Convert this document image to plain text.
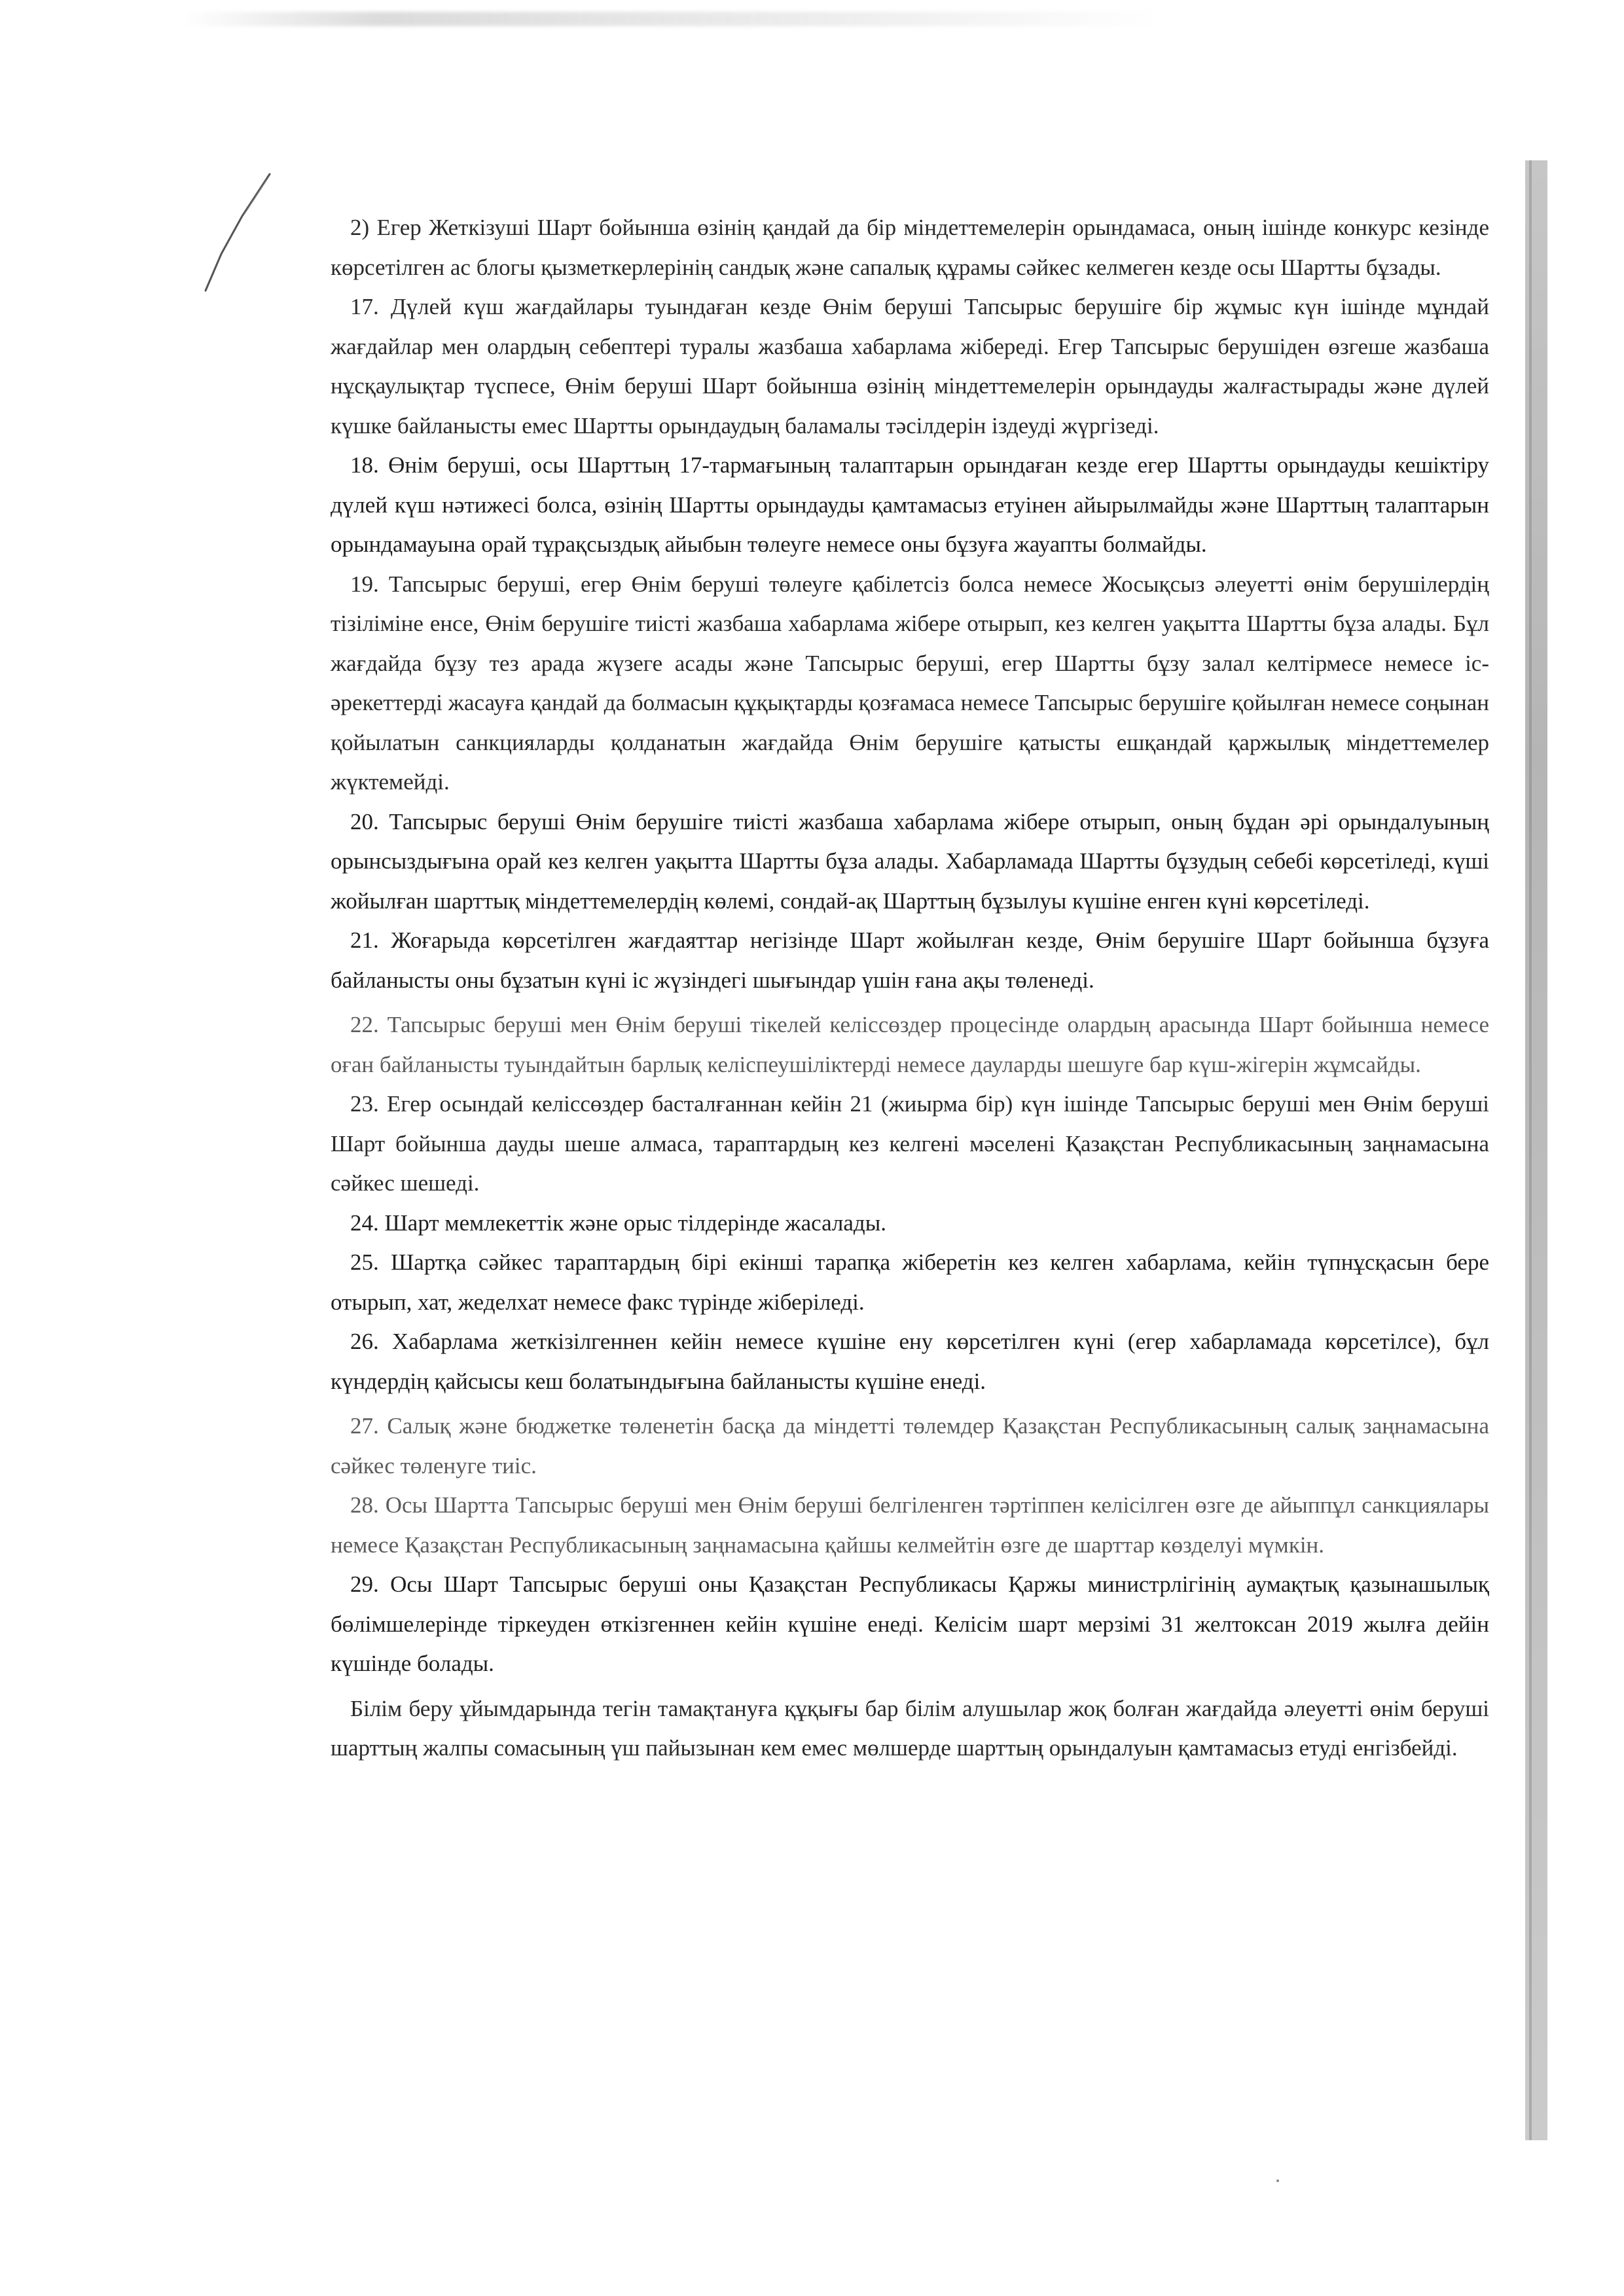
2) Егер Жеткізуші Шарт бойынша өзінің қандай да бір міндеттемелерін орындамаса, оның ішінде конкурс кезінде көрсетілген ас блогы қызметкерлерінің сандық және сапалық құрамы сәйкес келмеген кезде осы Шартты бұзады.

17. Дүлей күш жағдайлары туындаған кезде Өнім беруші Тапсырыс берушіге бір жұмыс күн ішінде мұндай жағдайлар мен олардың себептері туралы жазбаша хабарлама жібереді. Егер Тапсырыс берушіден өзгеше жазбаша нұсқаулықтар түспесе, Өнім беруші Шарт бойынша өзінің міндеттемелерін орындауды жалғастырады және дүлей күшке байланысты емес Шартты орындаудың баламалы тәсілдерін іздеуді жүргізеді.

18. Өнім беруші, осы Шарттың 17-тармағының талаптарын орындаған кезде егер Шартты орындауды кешіктіру дүлей күш нәтижесі болса, өзінің Шартты орындауды қамтамасыз етуінен айырылмайды және Шарттың талаптарын орындамауына орай тұрақсыздық айыбын төлеуге немесе оны бұзуға жауапты болмайды.

19. Тапсырыс беруші, егер Өнім беруші төлеуге қабілетсіз болса немесе Жосықсыз әлеуетті өнім берушілердің тізіліміне енсе, Өнім берушіге тиісті жазбаша хабарлама жібере отырып, кез келген уақытта Шартты бұза алады. Бұл жағдайда бұзу тез арада жүзеге асады және Тапсырыс беруші, егер Шартты бұзу залал келтірмесе немесе іс-әрекеттерді жасауға қандай да болмасын құқықтарды қозғамаса немесе Тапсырыс берушіге қойылған немесе соңынан қойылатын санкцияларды қолданатын жағдайда Өнім берушіге қатысты ешқандай қаржылық міндеттемелер жүктемейді.

20. Тапсырыс беруші Өнім берушіге тиісті жазбаша хабарлама жібере отырып, оның бұдан әрі орындалуының орынсыздығына орай кез келген уақытта Шартты бұза алады. Хабарламада Шартты бұзудың себебі көрсетіледі, күші жойылған шарттық міндеттемелердің көлемі, сондай-ақ Шарттың бұзылуы күшіне енген күні көрсетіледі.

21. Жоғарыда көрсетілген жағдаяттар негізінде Шарт жойылған кезде, Өнім берушіге Шарт бойынша бұзуға байланысты оны бұзатын күні іс жүзіндегі шығындар үшін ғана ақы төленеді.

22. Тапсырыс беруші мен Өнім беруші тікелей келіссөздер процесінде олардың арасында Шарт бойынша немесе оған байланысты туындайтын барлық келіспеушіліктерді немесе дауларды шешуге бар күш-жігерін жұмсайды.

23. Егер осындай келіссөздер басталғаннан кейін 21 (жиырма бір) күн ішінде Тапсырыс беруші мен Өнім беруші Шарт бойынша дауды шеше алмаса, тараптардың кез келгені мәселені Қазақстан Республикасының заңнамасына сәйкес шешеді.

24. Шарт мемлекеттік және орыс тілдерінде жасалады.

25. Шартқа сәйкес тараптардың бірі екінші тарапқа жіберетін кез келген хабарлама, кейін түпнұсқасын бере отырып, хат, жеделхат немесе факс түрінде жіберіледі.

26. Хабарлама жеткізілгеннен кейін немесе күшіне ену көрсетілген күні (егер хабарламада көрсетілсе), бұл күндердің қайсысы кеш болатындығына байланысты күшіне енеді.

27. Салық және бюджетке төленетін басқа да міндетті төлемдер Қазақстан Республикасының салық заңнамасына сәйкес төленуге тиіс.

28. Осы Шартта Тапсырыс беруші мен Өнім беруші белгіленген тәртіппен келісілген өзге де айыппұл санкциялары немесе Қазақстан Республикасының заңнамасына қайшы келмейтін өзге де шарттар көзделуі мүмкін.

29. Осы Шарт Тапсырыс беруші оны Қазақстан Республикасы Қаржы министрлігінің аумақтық қазынашылық бөлімшелерінде тіркеуден өткізгеннен кейін күшіне енеді. Келісім шарт мерзімі 31 желтоксан 2019 жылға дейін күшінде болады.

Білім беру ұйымдарында тегін тамақтануға құқығы бар білім алушылар жоқ болған жағдайда әлеуетті өнім беруші шарттың жалпы сомасының үш пайызынан кем емес мөлшерде шарттың орындалуын қамтамасыз етуді енгізбейді.
